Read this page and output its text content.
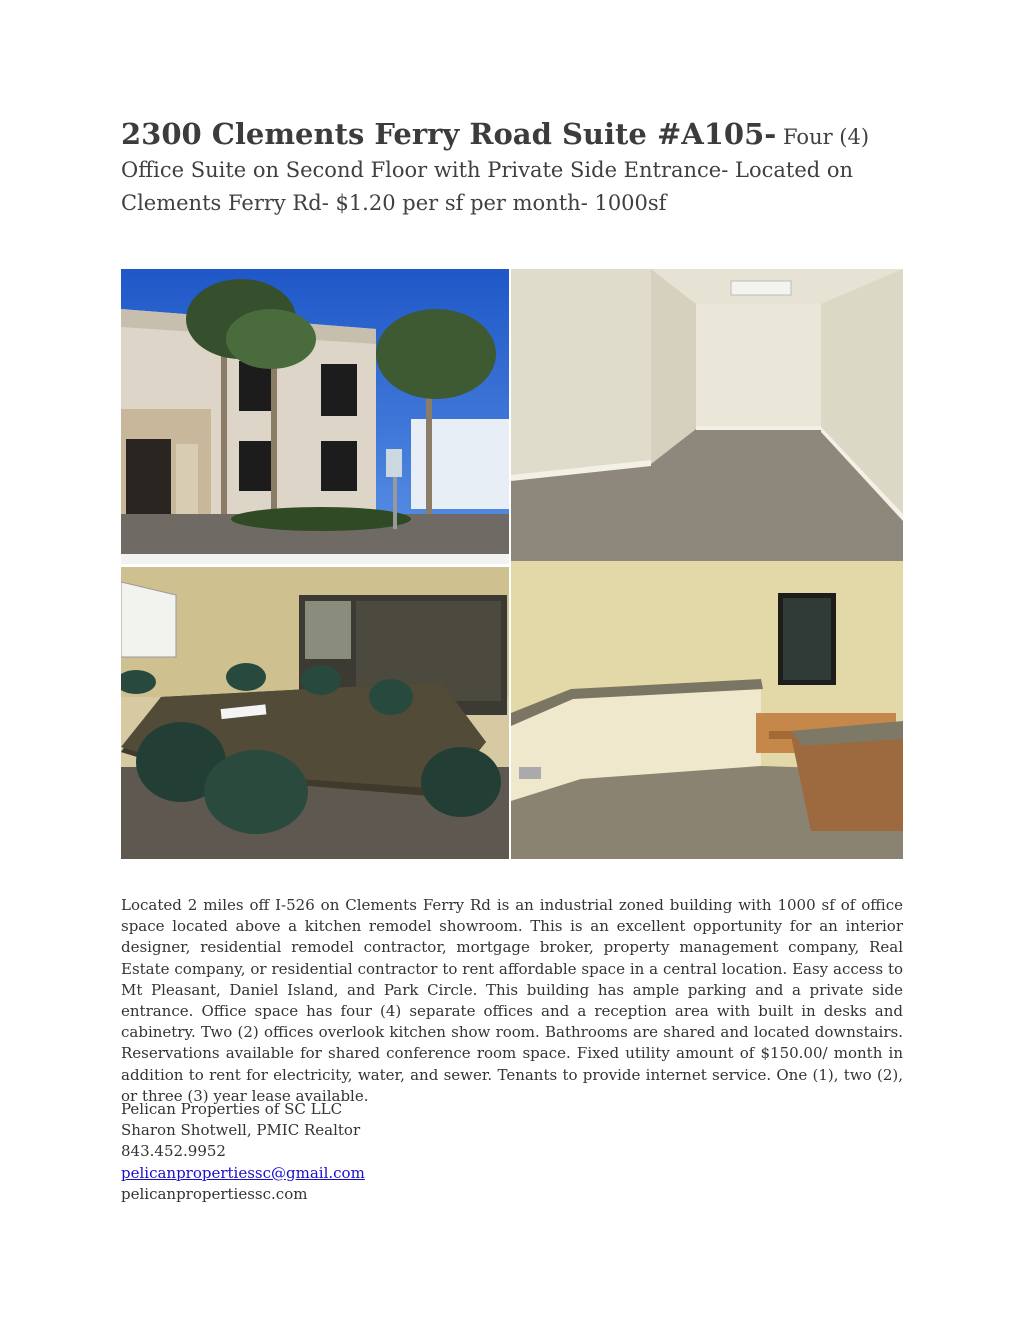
2300 Clements Ferry Road Suite #A105- Four (4) Office Suite on Second Floor with Private Side Entrance- Located on Clements Ferry Rd- $1.20 per sf per month- 1000sf
Located 2 miles off I-526 on Clements Ferry Rd is an industrial zoned building with 1000 sf of office space located above a kitchen remodel showroom. This is an excellent opportunity for an interior designer, residential remodel contractor, mortgage broker, property management company, Real Estate company, or residential contractor to rent affordable space in a central location. Easy access to Mt Pleasant, Daniel Island, and Park Circle. This building has ample parking and a private side entrance. Office space has four (4) separate offices and a reception area with built in desks and cabinetry. Two (2) offices overlook kitchen show room. Bathrooms are shared and located downstairs. Reservations available for shared conference room space. Fixed utility amount of $150.00/ month in addition to rent for electricity, water, and sewer. Tenants to provide internet service. One (1), two (2), or three (3) year lease available.
Pelican Properties of SC LLC
Sharon Shotwell, PMIC Realtor
843.452.9952
pelicanpropertiessc@gmail.com
pelicanpropertiessc.com
